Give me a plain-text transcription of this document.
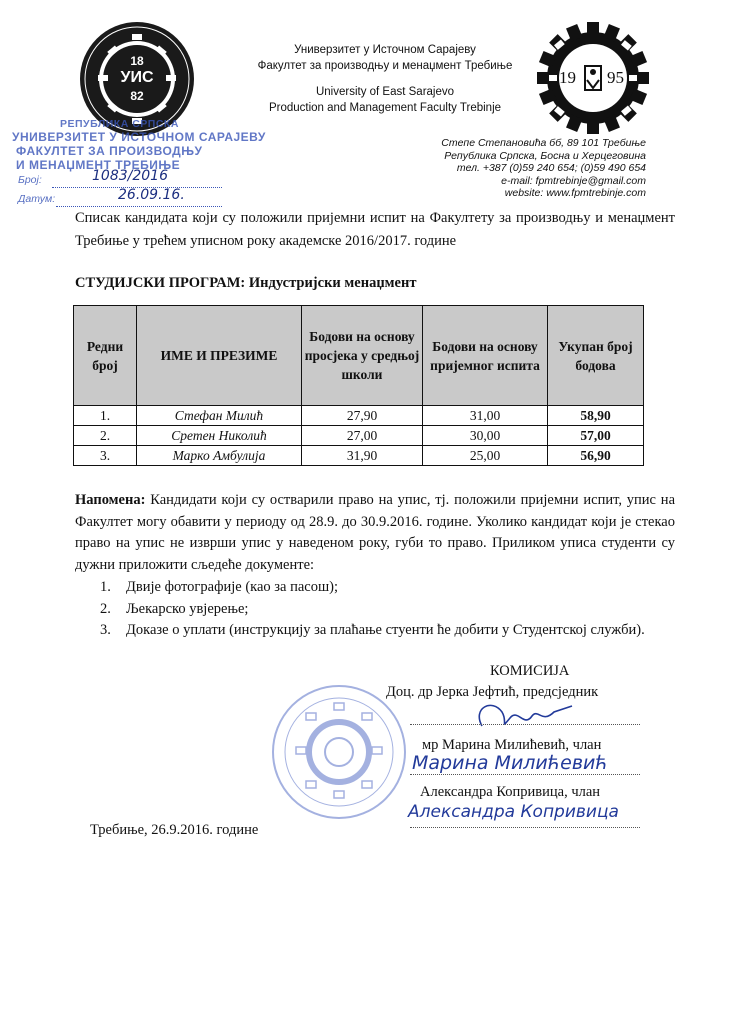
18
УИС
82
Универзитет у Источном Сарајеву
Факултет за производњу и менаџмент Требиње
University of East Sarajevo
Production and Management Faculty Trebinje
19 95
Степе Степановића бб, 89 101 Требиње
Република Српска, Босна и Херцеговина
тел. +387 (0)59 240 654; (0)59 490 654
e-mail: fpmtrebinje@gmail.com
website: www.fpmtrebinje.com
РЕПУБЛИКА СРПСКА
УНИВЕРЗИТЕТ У ИСТОЧНОМ САРАЈЕВУ
ФАКУЛТЕТ ЗА ПРОИЗВОДЊУ
И МЕНАЏМЕНТ ТРЕБИЊЕ
Број:	1083/2016
Датум:	26.09.16.
Списак кандидата који су положили пријемни испит на Факултету за производњу и менаџмент Требиње у трећем уписном року академске 2016/2017. године
СТУДИЈСКИ ПРОГРАМ: Индустријски менаџмент
Редни број	ИМЕ И ПРЕЗИМЕ	Бодови на основу просјека у средњој школи	Бодови на основу пријемног испита	Укупан број бодова
1.	Стефан Милић	27,90	31,00	58,90
2.	Сретен Николић	27,00	30,00	57,00
3.	Марко Амбулија	31,90	25,00	56,90
Напомена: Кандидати који су оствaрили право на упис, тј. положили пријемни испит, упис на Факултет могу обавити у периоду од 28.9. до 30.9.2016. године. Уколико кандидат који је стекао право на упис не изврши упис у наведеном року, губи то право. Приликом уписа студенти су дужни приложити сљедеће документе:
1. Двије фотографије (као за пасош);
2. Љекарско увјерење;
3. Доказе о уплати (инструкцију за плаћање стуенти ће добити у Студентској служби).
КОМИСИЈА
Доц. др Јерка Јефтић, предсједник
мр Марина Милићевић, члан
Марина Милићевић
Александра Копривица, члан
Александра Копривица
Требиње, 26.9.2016. године
